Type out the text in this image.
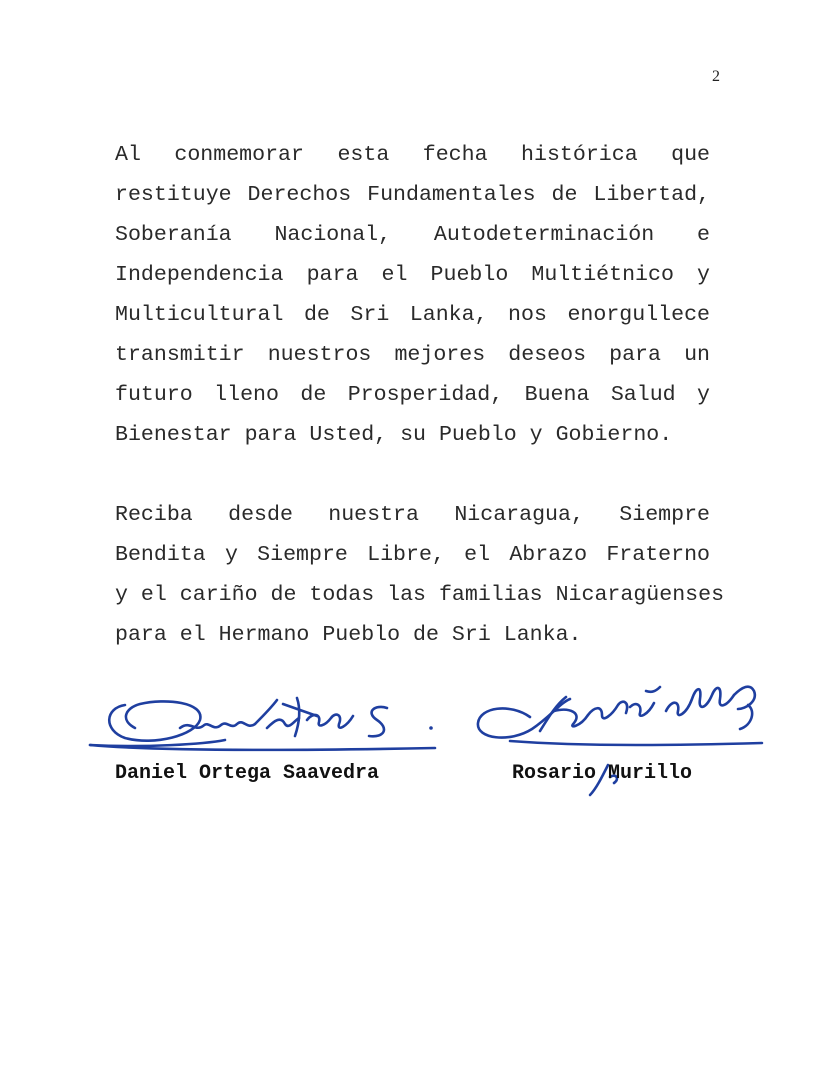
2
Al conmemorar esta fecha histórica que
restituye Derechos Fundamentales de Libertad,
Soberanía Nacional, Autodeterminación e
Independencia para el Pueblo Multiétnico y
Multicultural de Sri Lanka, nos enorgullece
transmitir nuestros mejores deseos para un
futuro lleno de Prosperidad, Buena Salud y
Bienestar para Usted, su Pueblo y Gobierno.
Reciba desde nuestra Nicaragua, Siempre
Bendita y Siempre Libre, el Abrazo Fraterno
y el cariño de todas las familias Nicaragüenses
para el Hermano Pueblo de Sri Lanka.
Daniel Ortega Saavedra	Rosario Murillo
